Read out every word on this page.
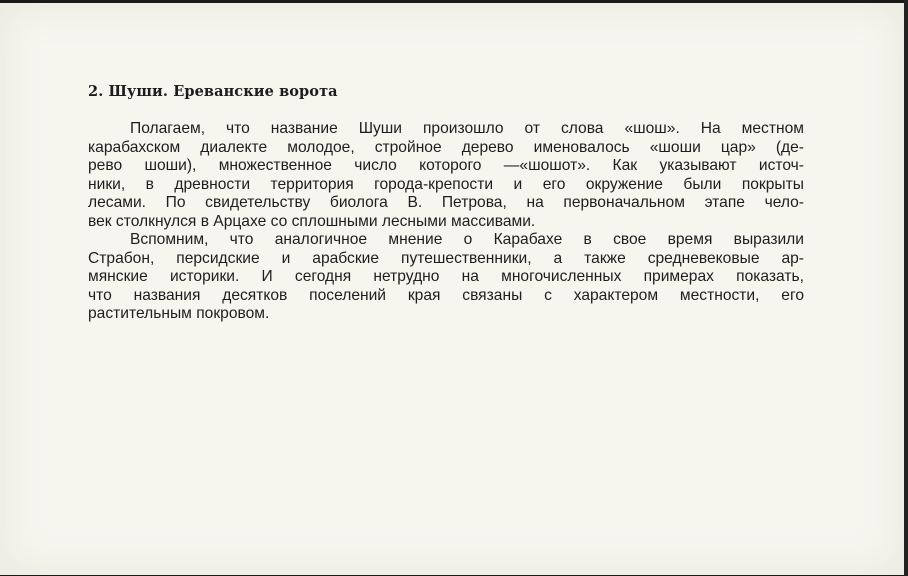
2. Шуши. Ереванские ворота
Полагаем, что название Шуши произошло от слова «шош». На местном
карабахском диалекте молодое, стройное дерево именовалось «шоши цар» (де-
рево шоши), множественное число которого —«шошот». Как указывают источ-
ники, в древности территория города-крепости и его окружение были покрыты
лесами. По свидетельству биолога В. Петрова, на первоначальном этапе чело-
век столкнулся в Арцахе со сплошными лесными массивами.
Вспомним, что аналогичное мнение о Карабахе в свое время выразили
Страбон, персидские и арабские путешественники, а также средневековые ар-
мянские историки. И сегодня нетрудно на многочисленных примерах показать,
что названия десятков поселений края связаны с характером местности, его
растительным покровом.
